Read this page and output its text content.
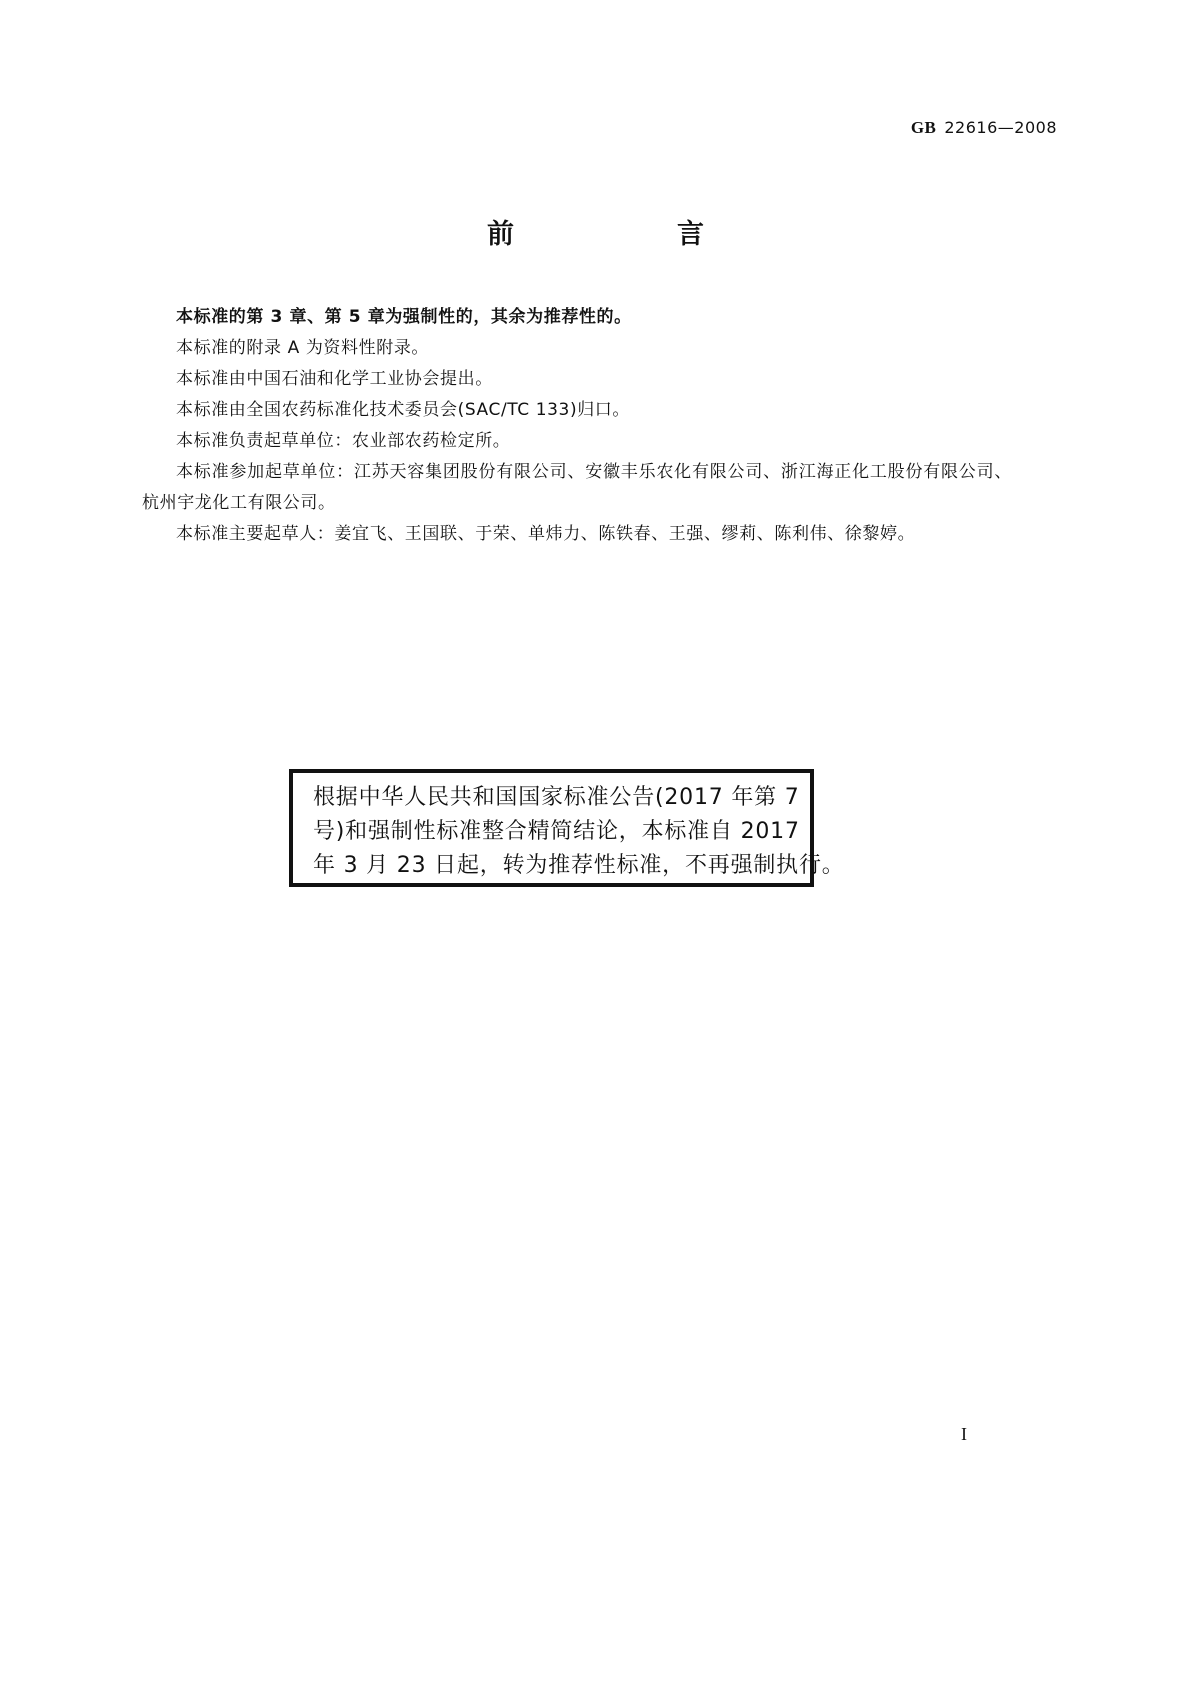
GB 22616—2008
前　言

本标准的第 3 章、第 5 章为强制性的，其余为推荐性的。

本标准的附录 A 为资料性附录。

本标准由中国石油和化学工业协会提出。

本标准由全国农药标准化技术委员会(SAC/TC 133)归口。

本标准负责起草单位：农业部农药检定所。

本标准参加起草单位：江苏天容集团股份有限公司、安徽丰乐农化有限公司、浙江海正化工股份有限公司、杭州宇龙化工有限公司。

本标准主要起草人：姜宜飞、王国联、于荣、单炜力、陈铁春、王强、缪莉、陈利伟、徐黎婷。

根据中华人民共和国国家标准公告(2017 年第 7

号)和强制性标准整合精简结论，本标准自 2017

年 3 月 23 日起，转为推荐性标准，不再强制执行。

I
